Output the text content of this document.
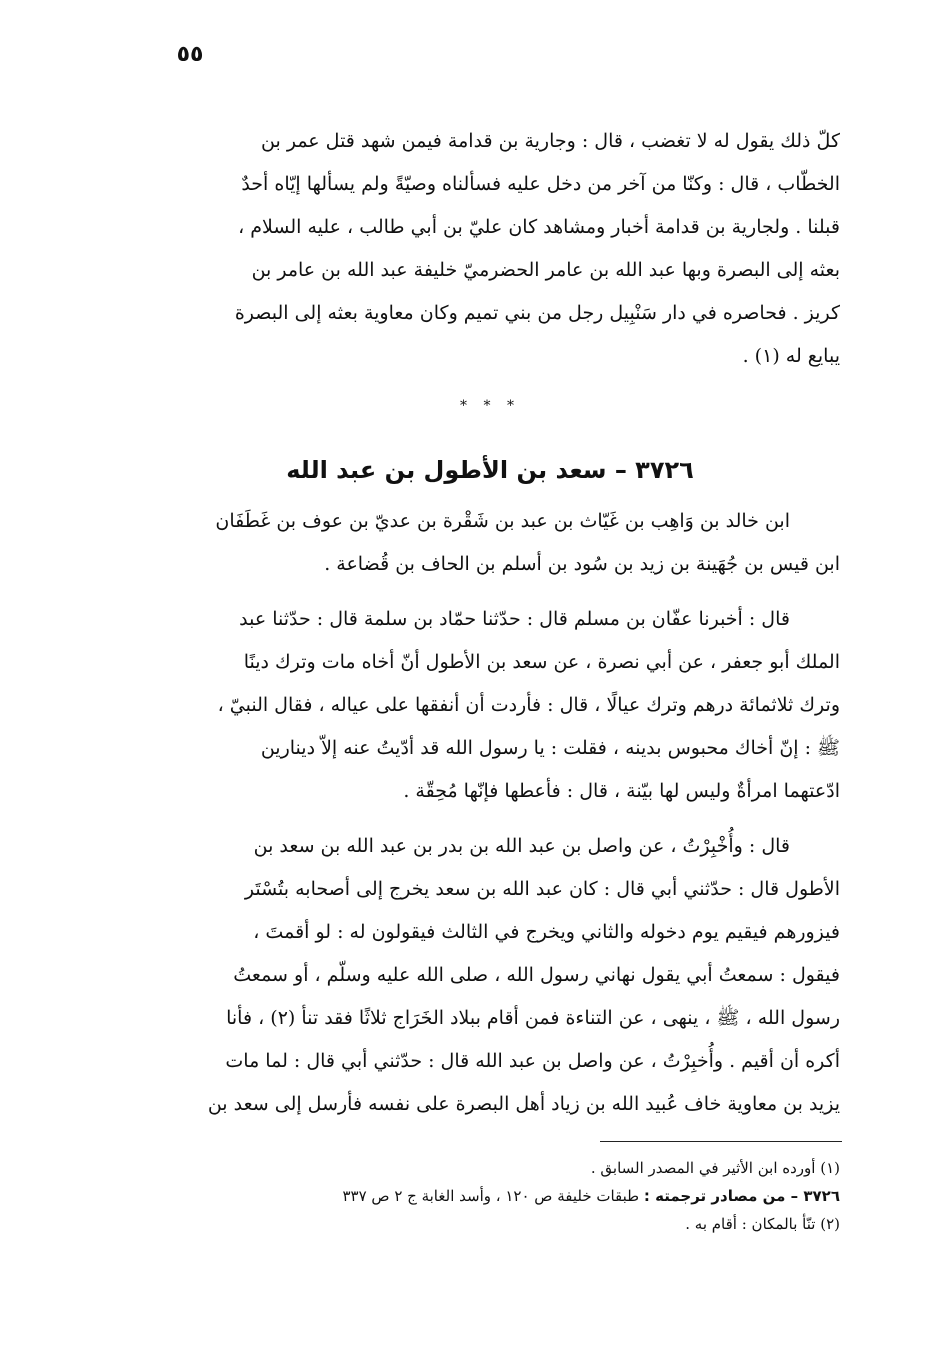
٥٥
كلّ ذلك يقول له لا تغضب ، قال : وجارية بن قدامة فيمن شهد قتل عمر بن
الخطّاب ، قال : وكنّا من آخر من دخل عليه فسألناه وصيّةً ولم يسألها إيّاه أحدٌ
قبلنا . ولجارية بن قدامة أخبار ومشاهد كان عليّ بن أبي طالب ، عليه السلام ،
بعثه إلى البصرة وبها عبد الله بن عامر الحضرميّ خليفة عبد الله بن عامر بن
كريز . فحاصره في دار سَنْبِيل رجل من بني تميم وكان معاوية بعثه إلى البصرة
يبايع له (١) .
* * *
٣٧٢٦ – سعد بن الأطول بن عبد الله
ابن خالد بن وَاهِب بن غَيّاث بن عبد بن شَقْرة بن عديّ بن عوف بن غَطَفَان
ابن قيس بن جُهَينة بن زيد بن سُود بن أسلم بن الحاف بن قُضاعة .
قال : أخبرنا عفّان بن مسلم قال : حدّثنا حمّاد بن سلمة قال : حدّثنا عبد
الملك أبو جعفر ، عن أبي نصرة ، عن سعد بن الأطول أنّ أخاه مات وترك دينًا
وترك ثلاثمائة درهم وترك عيالًا ، قال : فأردت أن أنفقها على عياله ، فقال النبيّ ،
ﷺ : إنّ أخاك محبوس بدينه ، فقلت : يا رسول الله قد أدّيتُ عنه إلاّ دينارين
ادّعتهما امرأةٌ وليس لها بيّنة ، قال : فأعطها فإنّها مُحِقّة .
قال : وأُخْبِرْتُ ، عن واصل بن عبد الله بن بدر بن عبد الله بن سعد بن
الأطول قال : حدّثني أبي قال : كان عبد الله بن سعد يخرج إلى أصحابه بتُسْتَر
فيزورهم فيقيم يوم دخوله والثاني ويخرج في الثالث فيقولون له : لو أقمتَ ،
فيقول : سمعتُ أبي يقول نهاني رسول الله ، صلى الله عليه وسلّم ، أو سمعتُ
رسول الله ، ﷺ ، ينهى ، عن التناءة فمن أقام ببلاد الخَرَاج ثلاثًا فقد تنأ (٢) ، فأنا
أكره أن أقيم . وأُخبِرْتُ ، عن واصل بن عبد الله قال : حدّثني أبي قال : لما مات
يزيد بن معاوية خاف عُبيد الله بن زياد أهل البصرة على نفسه فأرسل إلى سعد بن
(١) أورده ابن الأثير في المصدر السابق .
٣٧٢٦ – من مصادر ترجمته : طبقات خليفة ص ١٢٠ ، وأسد الغابة ج ٢ ص ٣٣٧
(٢) تنّأ بالمكان : أقام به .
